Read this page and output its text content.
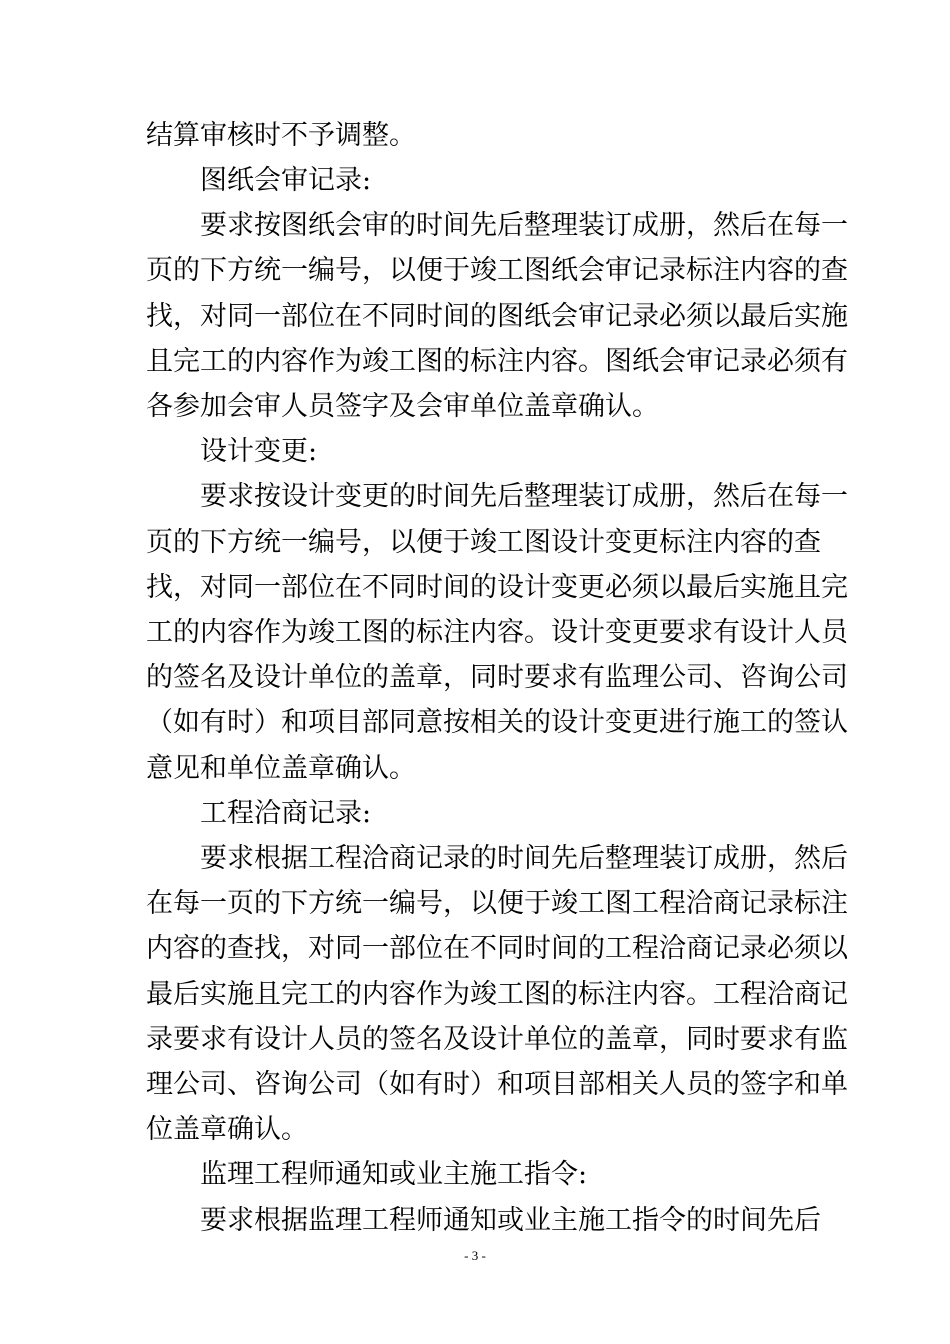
结算审核时不予调整。
图纸会审记录:
要求按图纸会审的时间先后整理装订成册，然后在每一
页的下方统一编号，以便于竣工图纸会审记录标注内容的查
找，对同一部位在不同时间的图纸会审记录必须以最后实施
且完工的内容作为竣工图的标注内容。图纸会审记录必须有
各参加会审人员签字及会审单位盖章确认。
设计变更:
要求按设计变更的时间先后整理装订成册，然后在每一
页的下方统一编号，以便于竣工图设计变更标注内容的查
找，对同一部位在不同时间的设计变更必须以最后实施且完
工的内容作为竣工图的标注内容。设计变更要求有设计人员
的签名及设计单位的盖章，同时要求有监理公司、咨询公司
（如有时）和项目部同意按相关的设计变更进行施工的签认
意见和单位盖章确认。
工程洽商记录:
要求根据工程洽商记录的时间先后整理装订成册，然后
在每一页的下方统一编号，以便于竣工图工程洽商记录标注
内容的查找，对同一部位在不同时间的工程洽商记录必须以
最后实施且完工的内容作为竣工图的标注内容。工程洽商记
录要求有设计人员的签名及设计单位的盖章，同时要求有监
理公司、咨询公司（如有时）和项目部相关人员的签字和单
位盖章确认。
监理工程师通知或业主施工指令:
要求根据监理工程师通知或业主施工指令的时间先后
- 3 -
